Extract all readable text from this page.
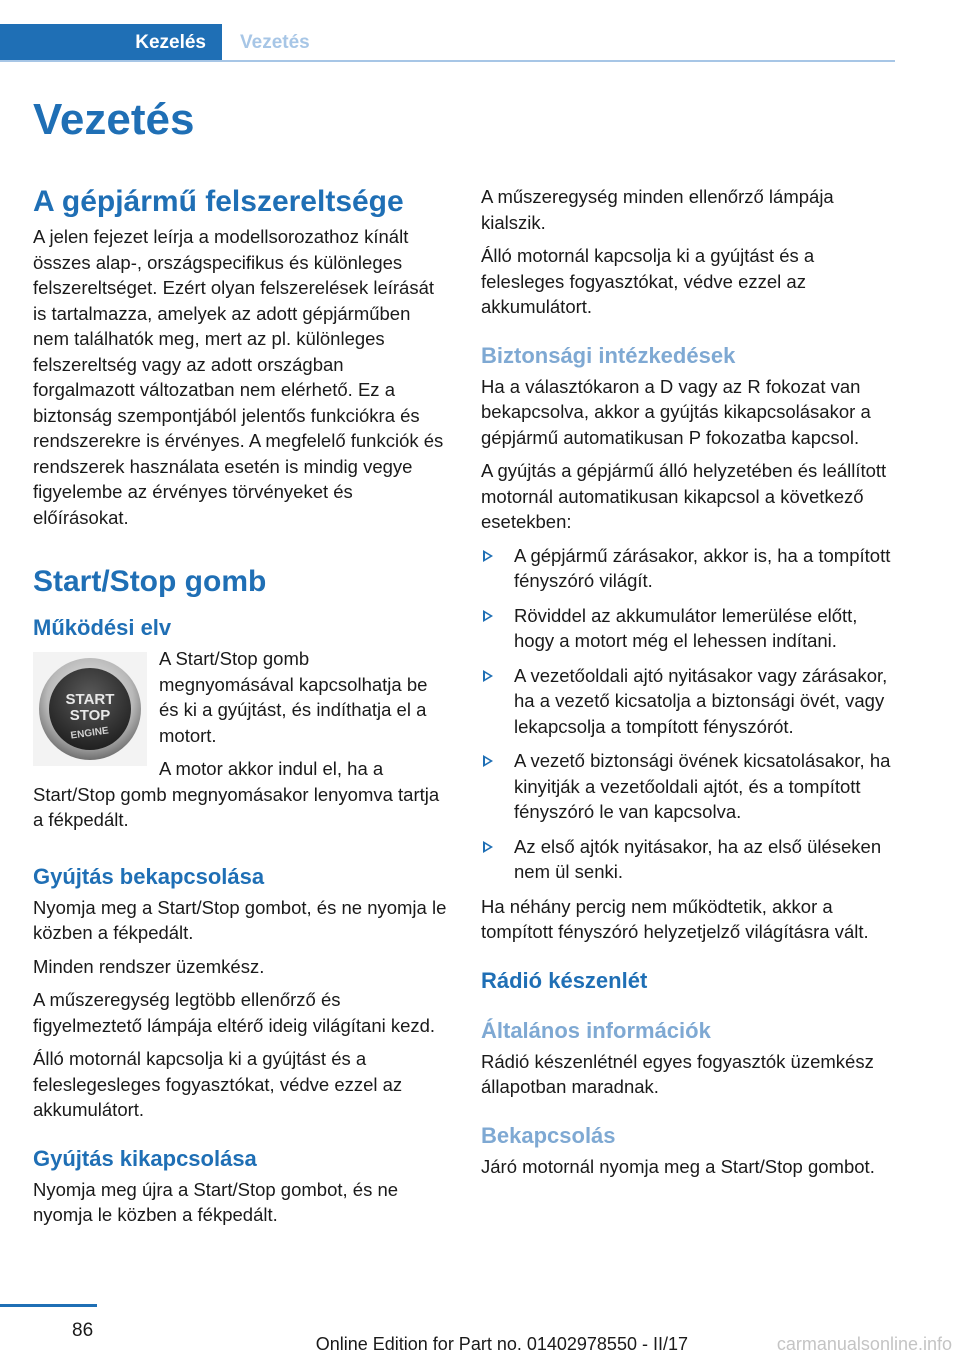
Kezelés	Vezetés
Vezetés
A gépjármű felszereltsége

A jelen fejezet leírja a modellsorozathoz kínált összes alap-, országspecifikus és különleges felszereltséget. Ezért olyan felszerelések leírását is tartalmazza, amelyek az adott gépjárműben nem találhatók meg, mert az pl. különleges felszereltség vagy az adott országban forgalmazott változatban nem elérhető. Ez a biztonság szempontjából jelentős funkciókra és rendszerekre is érvényes. A megfelelő funkciók és rendszerek használata esetén is mindig vegye figyelembe az érvényes törvényeket és előírásokat.

Start/Stop gomb
Működési elv
START
STOP
ENGINE

A Start/Stop gomb megnyomásával kapcsolhatja be és ki a gyújtást, és indíthatja el a motort.

A motor akkor indul el, ha a Start/Stop gomb megnyomásakor lenyomva tartja a fékpedált.

Gyújtás bekapcsolása

Nyomja meg a Start/Stop gombot, és ne nyomja le közben a fékpedált.

Minden rendszer üzemkész.

A műszeregység legtöbb ellenőrző és figyelmeztető lámpája eltérő ideig világítani kezd.

Álló motornál kapcsolja ki a gyújtást és a feleslegesleges fogyasztókat, védve ezzel az akkumulátort.

Gyújtás kikapcsolása

Nyomja meg újra a Start/Stop gombot, és ne nyomja le közben a fékpedált.

A műszeregység minden ellenőrző lámpája kialszik.

Álló motornál kapcsolja ki a gyújtást és a felesleges fogyasztókat, védve ezzel az akkumulátort.

Biztonsági intézkedések

Ha a választókaron a D vagy az R fokozat van bekapcsolva, akkor a gyújtás kikapcsolásakor a gépjármű automatikusan P fokozatba kapcsol.

A gyújtás a gépjármű álló helyzetében és leállított motornál automatikusan kikapcsol a következő esetekben:

A gépjármű zárásakor, akkor is, ha a tompított fényszóró világít.
Röviddel az akkumulátor lemerülése előtt, hogy a motort még el lehessen indítani.
A vezetőoldali ajtó nyitásakor vagy zárásakor, ha a vezető kicsatolja a biztonsági övét, vagy lekapcsolja a tompított fényszórót.
A vezető biztonsági övének kicsatolásakor, ha kinyitják a vezetőoldali ajtót, és a tompított fényszóró le van kapcsolva.
Az első ajtók nyitásakor, ha az első üléseken nem ül senki.

Ha néhány percig nem működtetik, akkor a tompított fényszóró helyzetjelző világításra vált.

Rádió készenlét
Általános információk

Rádió készenlétnél egyes fogyasztók üzemkész állapotban maradnak.

Bekapcsolás

Járó motornál nyomja meg a Start/Stop gombot.

86
Online Edition for Part no. 01402978550 - II/17	carmanualsonline.info
